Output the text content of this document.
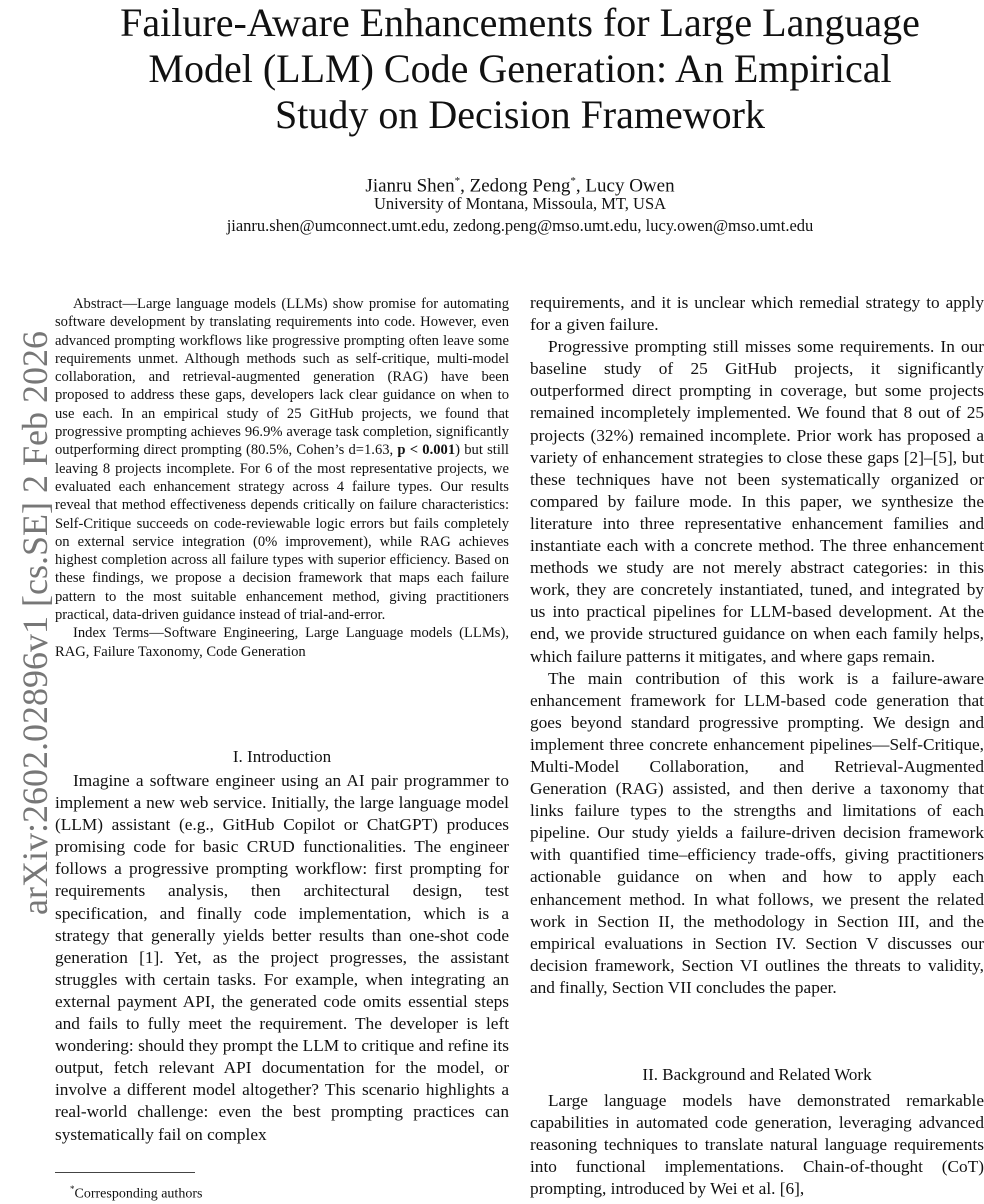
Failure-Aware Enhancements for Large Language
Model (LLM) Code Generation: An Empirical
Study on Decision Framework
Jianru Shen*, Zedong Peng*, Lucy Owen
University of Montana, Missoula, MT, USA
jianru.shen@umconnect.umt.edu, zedong.peng@mso.umt.edu, lucy.owen@mso.umt.edu
arXiv:2602.02896v1 [cs.SE] 2 Feb 2026

Abstract—Large language models (LLMs) show promise for automating software development by translating requirements into code. However, even advanced prompting workflows like progressive prompting often leave some requirements unmet. Although methods such as self-critique, multi-model collaboration, and retrieval-augmented generation (RAG) have been proposed to address these gaps, developers lack clear guidance on when to use each. In an empirical study of 25 GitHub projects, we found that progressive prompting achieves 96.9% average task completion, significantly outperforming direct prompting (80.5%, Cohen’s d=1.63, p < 0.001) but still leaving 8 projects incomplete. For 6 of the most representative projects, we evaluated each enhancement strategy across 4 failure types. Our results reveal that method effectiveness depends critically on failure characteristics: Self-Critique succeeds on code-reviewable logic errors but fails completely on external service integration (0% improvement), while RAG achieves highest completion across all failure types with superior efficiency. Based on these findings, we propose a decision framework that maps each failure pattern to the most suitable enhancement method, giving practitioners practical, data-driven guidance instead of trial-and-error.

Index Terms—Software Engineering, Large Language models (LLMs), RAG, Failure Taxonomy, Code Generation

I. Introduction

Imagine a software engineer using an AI pair programmer to implement a new web service. Initially, the large language model (LLM) assistant (e.g., GitHub Copilot or ChatGPT) produces promising code for basic CRUD functionalities. The engineer follows a progressive prompting workflow: first prompting for requirements analysis, then architectural design, test specification, and finally code implementation, which is a strategy that generally yields better results than one-shot code generation [1]. Yet, as the project progresses, the assistant struggles with certain tasks. For example, when integrating an external payment API, the generated code omits essential steps and fails to fully meet the requirement. The developer is left wondering: should they prompt the LLM to critique and refine its output, fetch relevant API documentation for the model, or involve a different model altogether? This scenario highlights a real-world challenge: even the best prompting practices can systematically fail on complex

requirements, and it is unclear which remedial strategy to apply for a given failure.

Progressive prompting still misses some requirements. In our baseline study of 25 GitHub projects, it significantly outperformed direct prompting in coverage, but some projects remained incompletely implemented. We found that 8 out of 25 projects (32%) remained incomplete. Prior work has proposed a variety of enhancement strategies to close these gaps [2]–[5], but these techniques have not been systematically organized or compared by failure mode. In this paper, we synthesize the literature into three representative enhancement families and instantiate each with a concrete method. The three enhancement methods we study are not merely abstract categories: in this work, they are concretely instantiated, tuned, and integrated by us into practical pipelines for LLM-based development. At the end, we provide structured guidance on when each family helps, which failure patterns it mitigates, and where gaps remain.

The main contribution of this work is a failure-aware enhancement framework for LLM-based code generation that goes beyond standard progressive prompting. We design and implement three concrete enhancement pipelines—Self-Critique, Multi-Model Collaboration, and Retrieval-Augmented Generation (RAG) assisted, and then derive a taxonomy that links failure types to the strengths and limitations of each pipeline. Our study yields a failure-driven decision framework with quantified time–efficiency trade-offs, giving practitioners actionable guidance on when and how to apply each enhancement method. In what follows, we present the related work in Section II, the methodology in Section III, and the empirical evaluations in Section IV. Section V discusses our decision framework, Section VI outlines the threats to validity, and finally, Section VII concludes the paper.

II. Background and Related Work

Large language models have demonstrated remarkable capabilities in automated code generation, leveraging advanced reasoning techniques to translate natural language requirements into functional implementations. Chain-of-thought (CoT) prompting, introduced by Wei et al. [6],

*Corresponding authors
